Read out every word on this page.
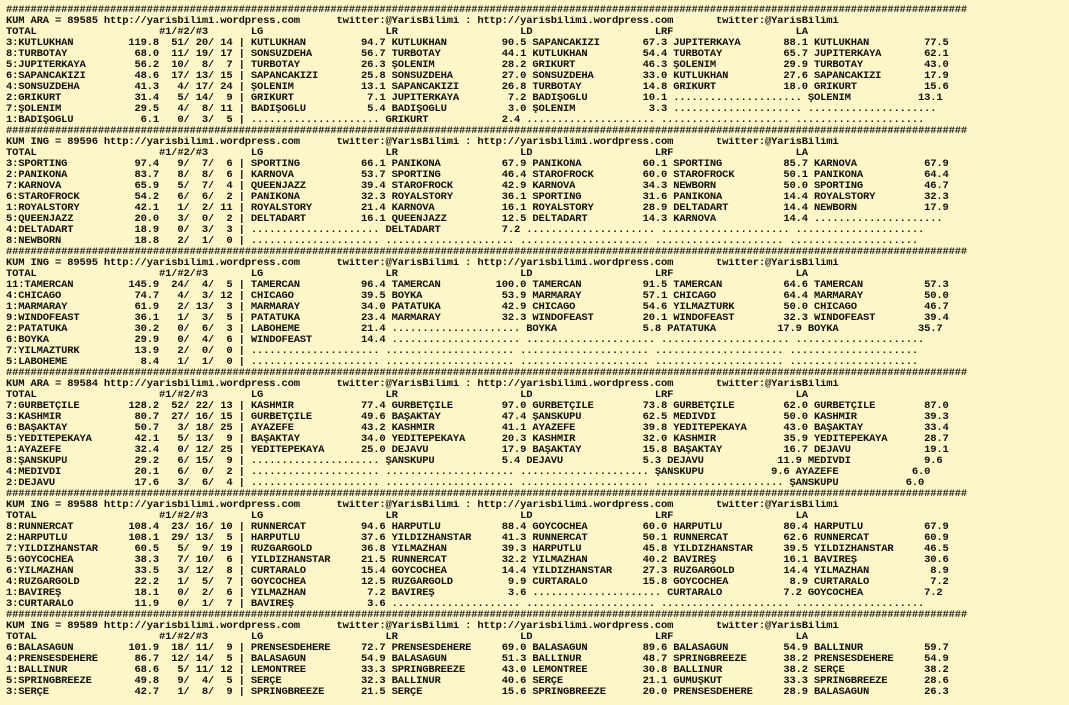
#############################################################################################################################################################
KUM ARA = 89585 http://yarisbilimi.wordpress.com      twitter:@YarisBilimi : http://yarisbilimi.wordpress.com       twitter:@YarisBilimi
TOTAL                    #1/#2/#3       LG                    LR                    LD                    LRF                    LA
3:KUTLUKHAN         119.8  51/ 20/ 14 | KUTLUKHAN         94.7 KUTLUKHAN         90.5 SAPANCAKIZI       67.3 JÜPİTERKAYA       88.1 KUTLUKHAN         77.5
8:TURBOTAY           68.0  11/ 19/ 17 | SONSUZDEHA        56.7 TURBOTAY          44.1 KUTLUKHAN         54.4 TURBOTAY          65.7 JÜPİTERKAYA       62.1
5:JÜPİTERKAYA        56.2  10/  8/  7 | TURBOTAY          26.3 ŞÖLENİM           28.2 GRİKURT           46.3 ŞÖLENİM           29.9 TURBOTAY          43.0
6:SAPANCAKIZI        48.6  17/ 13/ 15 | SAPANCAKIZI       25.8 SONSUZDEHA        27.0 SONSUZDEHA        33.0 KUTLUKHAN         27.6 SAPANCAKIZI       17.9
4:SONSUZDEHA         41.3   4/ 17/ 24 | ŞÖLENİM           13.1 SAPANCAKIZI       26.8 TURBOTAY          14.8 GRİKURT           18.0 GRİKURT           15.6
2:GRİKURT            31.4   5/ 14/  9 | GRİKURT            7.1 JÜPİTERKAYA        7.2 BADIŞOĞLU         10.1 ..................... ŞÖLENİM           13.1
7:ŞÖLENİM            29.5   4/  8/ 11 | BADIŞOĞLU          5.4 BADIŞOĞLU          3.0 ŞÖLENİM            3.3 ..................... .....................
1:BADIŞOĞLU           6.1   0/  3/  5 | ..................... GRİKURT            2.4 ..................... ..................... .....................
#############################################################################################################################################################
KUM ING = 89596 http://yarisbilimi.wordpress.com      twitter:@YarisBilimi : http://yarisbilimi.wordpress.com       twitter:@YarisBilimi
TOTAL                    #1/#2/#3       LG                    LR                    LD                    LRF                    LA
3:SPORTING           97.4   9/  7/  6 | SPORTING          66.1 PANIKONA          67.9 PANIKONA          60.1 SPORTING          85.7 KARNOVA           67.9
2:PANIKONA           83.7   8/  8/  6 | KARNOVA           53.7 SPORTING          46.4 STAROFROCK        60.0 STAROFROCK        50.1 PANIKONA          64.4
7:KARNOVA            65.9   5/  7/  4 | QUEENJAZZ         39.4 STAROFROCK        42.9 KARNOVA           34.3 NEWBORN           50.0 SPORTING          46.7
6:STAROFROCK         54.2   6/  6/  2 | PANIKONA          32.3 ROYALSTORY        36.1 SPORTING          31.6 PANIKONA          14.4 ROYALSTORY        32.3
1:ROYALSTORY         42.1   1/  2/ 11 | ROYALSTORY        21.4 KARNOVA           16.1 ROYALSTORY        28.9 DELTADART         14.4 NEWBORN           17.9
5:QUEENJAZZ          20.0   3/  0/  2 | DELTADART         16.1 QUEENJAZZ         12.5 DELTADART         14.3 KARNOVA           14.4 .....................
4:DELTADART          18.9   0/  3/  3 | ..................... DELTADART          7.2 ..................... ..................... .....................
8:NEWBORN            18.8   2/  1/  0 | ..................... ..................... ..................... ..................... .....................
#############################################################################################################################################################
KUM ING = 89595 http://yarisbilimi.wordpress.com      twitter:@YarisBilimi : http://yarisbilimi.wordpress.com       twitter:@YarisBilimi
TOTAL                    #1/#2/#3       LG                    LR                    LD                    LRF                    LA
11:TAMERCAN         145.9  24/  4/  5 | TAMERCAN          96.4 TAMERCAN         100.0 TAMERCAN          91.5 TAMERCAN          64.6 TAMERCAN          57.3
4:CHICAGO            74.7   4/  3/ 12 | CHICAGO           39.5 BOYKA             53.9 MARMARAY          57.1 CHICAGO           64.4 MARMARAY          50.0
1:MARMARAY           61.9   2/ 13/  3 | MARMARAY          34.0 PATATUKA          42.9 CHICAGO           54.6 YILMAZTÜRK        50.0 CHICAGO           46.7
9:WINDOFEAST         36.1   1/  3/  5 | PATATUKA          23.4 MARMARAY          32.3 WINDOFEAST        20.1 WINDOFEAST        32.3 WINDOFEAST        39.4
2:PATATUKA           30.2   0/  6/  3 | LABOHEME          21.4 ..................... BOYKA              5.8 PATATUKA          17.9 BOYKA             35.7
6:BOYKA              29.9   0/  4/  6 | WINDOFEAST        14.4 ..................... ..................... ..................... .....................
7:YILMAZTÜRK         13.9   2/  0/  0 | ..................... ..................... ..................... ..................... .....................
5:LABOHEME            8.4   1/  1/  0 | ..................... ..................... ..................... ..................... .....................
#############################################################################################################################################################
KUM ARA = 89584 http://yarisbilimi.wordpress.com      twitter:@YarisBilimi : http://yarisbilimi.wordpress.com       twitter:@YarisBilimi
TOTAL                    #1/#2/#3       LG                    LR                    LD                    LRF                    LA
7:GURBETÇİLE        128.2  52/ 22/ 13 | KASHMIR           77.4 GURBETÇİLE        97.0 GURBETÇİLE        73.8 GURBETÇİLE        62.0 GURBETÇİLE        87.0
3:KASHMIR            80.7  27/ 16/ 15 | GURBETÇİLE        49.6 BAŞAKTAY          47.4 ŞANSKÜPÜ          62.5 MEDİVDİ           50.0 KASHMIR           39.3
6:BAŞAKTAY           50.7   3/ 18/ 25 | AYAZEFE           43.2 KASHMIR           41.1 AYAZEFE           39.8 YEDİTEPEKAYA      43.0 BAŞAKTAY          33.4
5:YEDİTEPEKAYA       42.1   5/ 13/  9 | BAŞAKTAY          34.0 YEDİTEPEKAYA      20.3 KASHMIR           32.0 KASHMIR           35.9 YEDİTEPEKAYA      28.7
1:AYAZEFE            32.4   0/ 12/ 25 | YEDİTEPEKAYA      25.0 DEJAVU            17.9 BAŞAKTAY          15.8 BAŞAKTAY          16.7 DEJAVU            19.1
8:ŞANSKÜPÜ           29.2   6/ 15/  9 | ..................... ŞANSKÜPÜ           5.4 DEJAVU             5.3 DEJAVU            11.9 MEDİVDİ            9.6
4:MEDİVDİ            20.1   6/  0/  2 | ..................... ..................... ..................... ŞANSKÜPÜ           9.6 AYAZEFE            6.0
2:DEJAVU             17.6   3/  6/  4 | ..................... ..................... ..................... ..................... ŞANSKÜPÜ           6.0
#############################################################################################################################################################
KUM ING = 89588 http://yarisbilimi.wordpress.com      twitter:@YarisBilimi : http://yarisbilimi.wordpress.com       twitter:@YarisBilimi
TOTAL                    #1/#2/#3       LG                    LR                    LD                    LRF                    LA
8:RUNNERCAT         108.4  23/ 16/ 10 | RUNNERCAT         94.6 HARPUTLU          88.4 GOYCOCHEA         60.0 HARPUTLU          80.4 HARPUTLU          67.9
2:HARPUTLU          108.1  29/ 13/  5 | HARPUTLU          37.6 YILDIZHANSTAR     41.3 RUNNERCAT         50.1 RUNNERCAT         62.6 RUNNERCAT         60.9
7:YILDIZHANSTAR      60.5   5/  9/ 19 | RÜZGARGOLD        36.8 YILMAZHAN         39.3 HARPUTLU          45.8 YILDIZHANSTAR     39.5 YILDIZHANSTAR     46.5
5:GOYCOCHEA          38.3   7/ 10/  6 | YILDIZHANSTAR     21.5 RUNNERCAT         32.2 YILMAZHAN         40.2 BAVİREŞ           16.1 BAVİREŞ           30.6
6:YILMAZHAN          33.5   3/ 12/  8 | CURTARALO         15.4 GOYCOCHEA         14.4 YILDIZHANSTAR     27.3 RÜZGARGOLD        14.4 YILMAZHAN          8.9
4:RÜZGARGOLD         22.2   1/  5/  7 | GOYCOCHEA         12.5 RÜZGARGOLD         9.9 CURTARALO         15.8 GOYCOCHEA          8.9 CURTARALO          7.2
1:BAVİREŞ            18.1   0/  2/  6 | YILMAZHAN          7.2 BAVİREŞ            3.6 ..................... CURTARALO          7.2 GOYCOCHEA          7.2
3:CURTARALO          11.9   0/  1/  7 | BAVİREŞ            3.6 ..................... ..................... ..................... .....................
#############################################################################################################################################################
KUM ING = 89589 http://yarisbilimi.wordpress.com      twitter:@YarisBilimi : http://yarisbilimi.wordpress.com       twitter:@YarisBilimi
TOTAL                    #1/#2/#3       LG                    LR                    LD                    LRF                    LA
6:BALASAGUN         101.9  18/ 11/  9 | PRENSESDEHERE     72.7 PRENSESDEHERE     69.0 BALASAGUN         89.6 BALASAGUN         54.9 BALLINUR          59.7
4:PRENSESDEHERE      86.7  12/ 14/  5 | BALASAGUN         54.9 BALASAGUN         51.3 BALLINUR          48.7 SPRINGBREEZE      38.2 PRENSESDEHERE     54.9
1:BALLINUR           68.6   5/ 11/ 12 | LEMONTREE         33.3 SPRINGBREEZE      43.0 LEMONTREE         30.8 BALLINUR          38.2 SERÇE             38.2
5:SPRINGBREEZE       49.8   9/  4/  5 | SERÇE             32.3 BALLINUR          40.6 SERÇE             21.1 GÜMÜŞKUT          33.3 SPRINGBREEZE      28.6
3:SERÇE              42.7   1/  8/  9 | SPRINGBREEZE      21.5 SERÇE             15.6 SPRINGBREEZE      20.0 PRENSESDEHERE     28.9 BALASAGUN         26.3
